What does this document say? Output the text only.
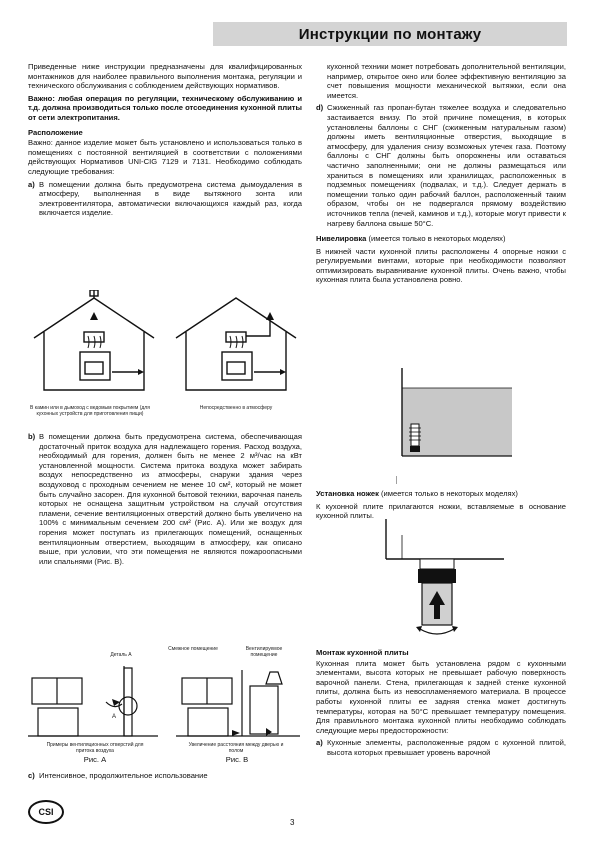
Инструкции по монтажу

Приведенные ниже инструкции предназначены для квалифицированных монтажников для наиболее правильного выполнения монтажа, регуляции и технического обслуживания с соблюдением действующих нормативов.

Важно: любая операция по регуляции, техническому обслуживанию и т.д. должна производиться только после отсоединения кухонной плиты от сети электропитания.

Расположение

Важно: данное изделие может быть установлено и использоваться только в помещениях с постоянной вентиляцией в соответствии с положениями действующих Нормативов UNI-CIG 7129 и 7131. Необходимо соблюдать следующие требования:

a) В помещении должна быть предусмотрена система дымоудаления в атмосферу, выполненная в виде вытяжного зонта или электровентилятора, автоматически включающихся каждый раз, когда включается изделие.
В камин или в дымоход с ведомым покрытием (для кухонных устройств для приготовления пищи)
Непосредственно в атмосферу
b) В помещении должна быть предусмотрена система, обеспечивающая достаточный приток воздуха для надлежащего горения. Расход воздуха, необходимый для горения, должен быть не менее 2 м³/час на кВт установленной мощности. Система притока воздуха может забирать воздух непосредственно из атмосферы, снаружи здания через воздуховод с проходным сечением не менее 10 см², который не может быть случайно засорен. Для кухонной бытовой техники, варочная панель которых не оснащена защитным устройством на случай отсутствия пламени, сечение вентиляционных отверстий должно быть увеличено на 100% с минимальным сечением 200 см² (Рис. А). Или же воздух для горения может поступать из прилегающих помещений, оснащенных вентиляционным отверстием, выходящим в атмосферу, как описано выше, при условии, что эти помещения не являются пожароопасными или спальнями (Рис. В).
Деталь А
Смежное помещение	Вентилируемое помещение
A
Примеры вентиляционных отверстий для притока воздуха
Рис. А
Увеличение расстояния между дверью и полом
Рис. В
c) Интенсивное, продолжительное использование
кухонной техники может потребовать дополнительной вентиляции, например, открытое окно или более эффективную вентиляцию за счет повышения мощности механической вытяжки, если она имеется.
d) Сжиженный газ пропан-бутан тяжелее воздуха и следовательно застаивается внизу. По этой причине помещения, в которых установлены баллоны с СНГ (сжиженным натуральным газом) должны иметь вентиляционные отверстия, выходящие в атмосферу, для удаления снизу возможных утечек газа. Поэтому баллоны с СНГ должны быть опорожнены или оставаться частично заполненными; они не должны размещаться или храниться в помещениях или хранилищах, расположенных в подземных помещениях (подвалах, и т.д.). Следует держать в помещении только один рабочий баллон, расположенный таким образом, чтобы он не подвергался прямому воздействию источников тепла (печей, каминов и т.д.), которые могут привести к нагреву баллона свыше 50°С.

Нивелировка (имеется только в некоторых моделях)

В нижней части кухонной плиты расположены 4 опорные ножки с регулируемыми винтами, которые при необходимости позволяют оптимизировать выравнивание кухонной плиты. Очень важно, чтобы кухонная плита была установлена ровно.

Установка ножек (имеется только в некоторых моделях)

К кухонной плите прилагаются ножки, вставляемые в основание кухонной плиты.

Монтаж кухонной плиты

Кухонная плита может быть установлена рядом с кухонными элементами, высота которых не превышает рабочую поверхность варочной панели. Стена, прилегающая к задней стенке кухонной плиты, должна быть из невоспламеняемого материала. В процессе работы кухонной плиты ее задняя стенка может достигнуть температуры, которая на 50°С превышает температуру помещения. Для правильного монтажа кухонной плиты необходимо соблюдать следующие меры предосторожности:

a) Кухонные элементы, расположенные рядом с кухонной плитой, высота которых превышает уровень варочной
CSI
3
